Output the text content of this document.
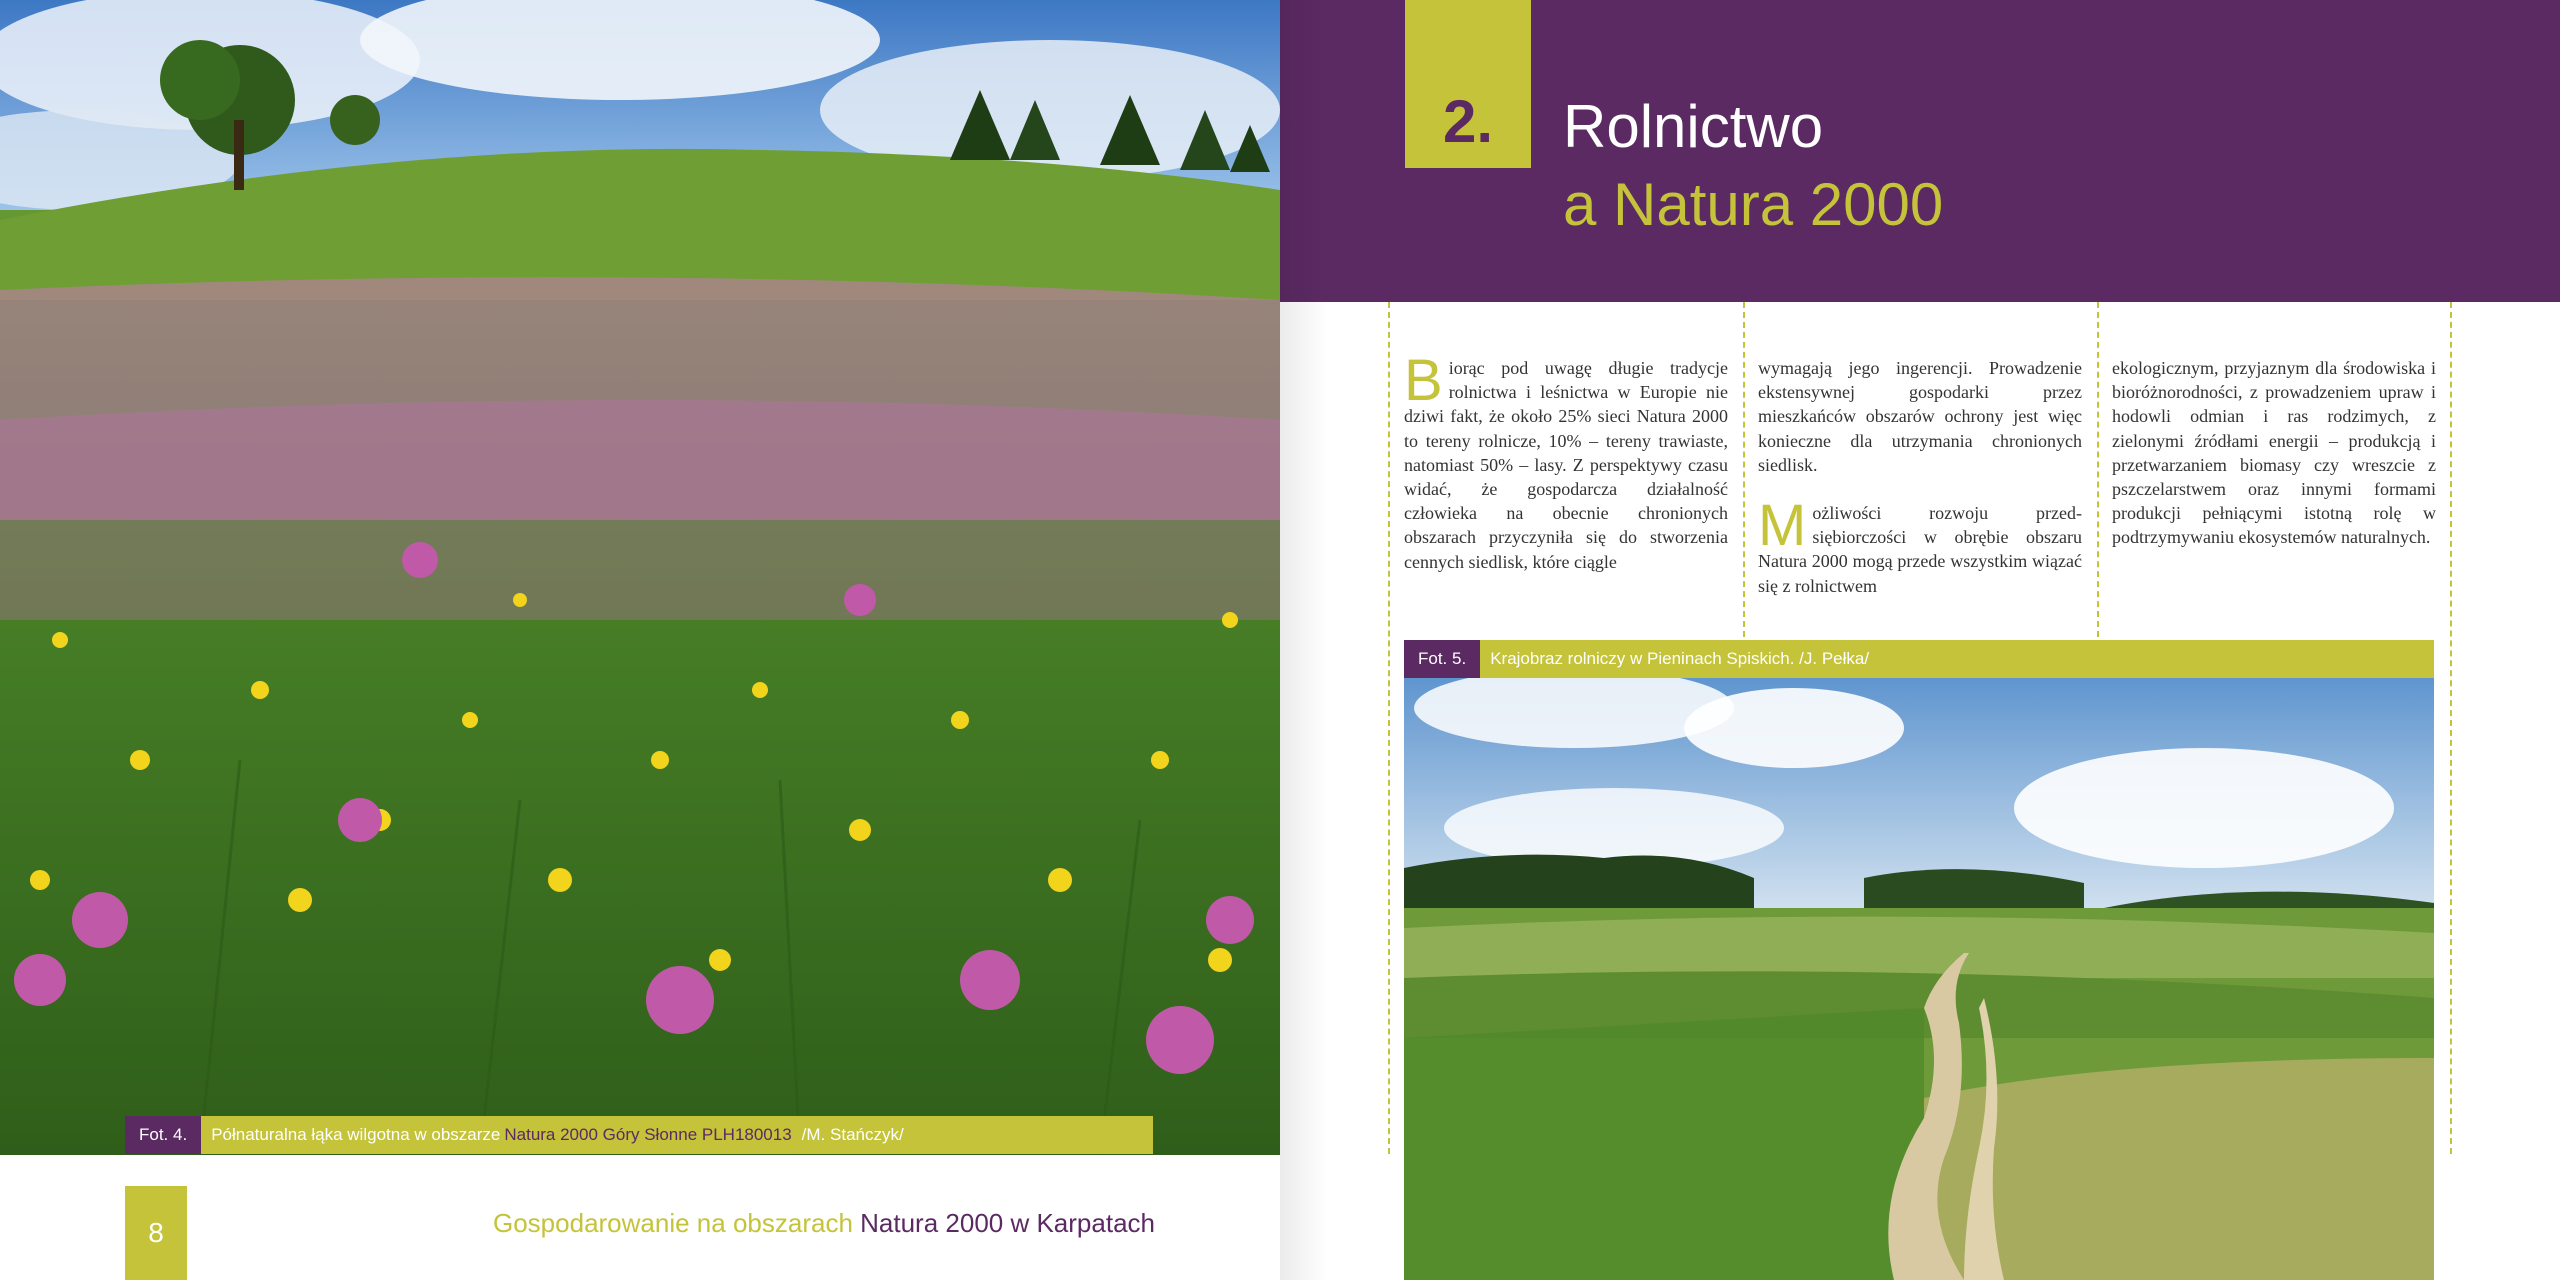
Fot. 4.	Półnaturalna łąka wilgotna w obszarze Natura 2000 Góry Słonne PLH180013 /M. Stańczyk/
8	Gospodarowanie na obszarach Natura 2000 w Karpatach
2.	Rolnictwo
a Natura 2000

Biorąc pod uwagę długie tradycje rolnictwa i leśnictwa w Europie nie dziwi fakt, że około 25% sieci Natura 2000 to tereny rolnicze, 10% – tereny trawiaste, natomiast 50% – lasy. Z perspektywy czasu widać, że gospodarcza działalność człowieka na obecnie chronionych obszarach przyczyniła się do stworzenia cennych siedlisk, które ciągle

wymagają jego ingerencji. Prowadzenie ekstensywnej gospodarki przez mieszkańców obszarów ochrony jest więc konieczne dla utrzymania chronionych siedlisk.

Możliwości rozwoju przedsiębiorczości w obrębie obszaru Natura 2000 mogą przede wszystkim wiązać się z rolnictwem

ekologicznym, przyjaznym dla środowiska i bioróżnorodności, z prowadzeniem upraw i hodowli odmian i ras rodzimych, z zielonymi źródłami energii – produkcją i przetwarzaniem biomasy czy wreszcie z pszczelarstwem oraz innymi formami produkcji pełniącymi istotną rolę w podtrzymywaniu ekosystemów naturalnych.

Fot. 5.	Krajobraz rolniczy w Pieninach Spiskich. /J. Pełka/
